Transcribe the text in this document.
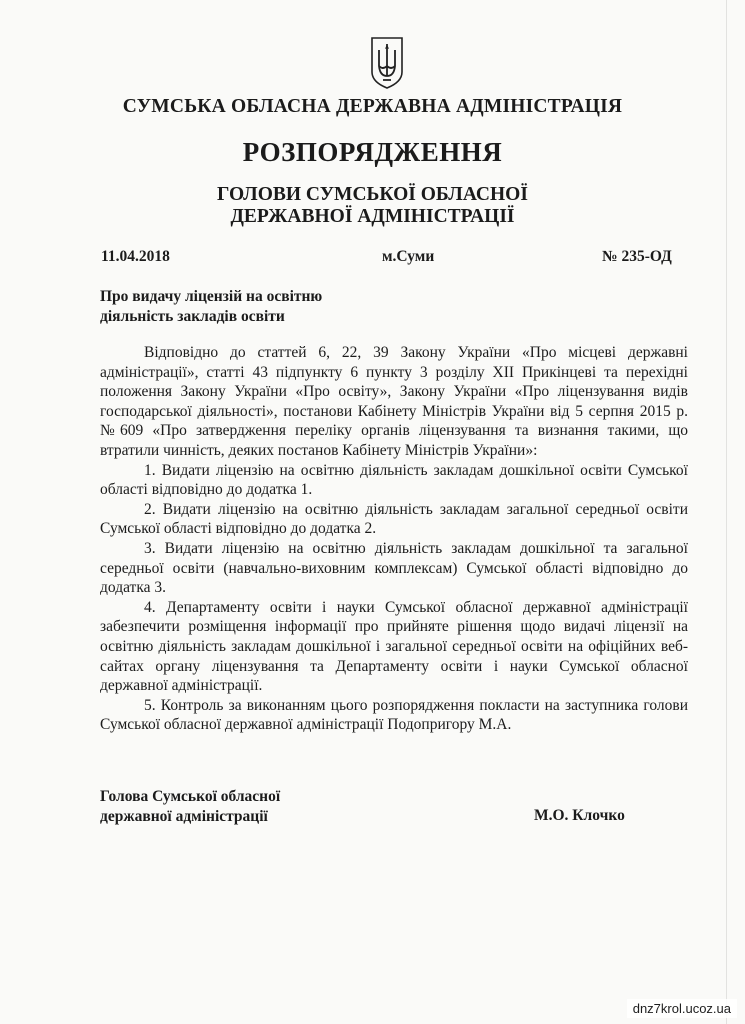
СУМСЬКА ОБЛАСНА ДЕРЖАВНА АДМІНІСТРАЦІЯ
РОЗПОРЯДЖЕННЯ
ГОЛОВИ СУМСЬКОЇ ОБЛАСНОЇ
ДЕРЖАВНОЇ АДМІНІСТРАЦІЇ
11.04.2018	м.Суми	№ 235-ОД
Про видачу ліцензій на освітню
діяльність закладів освіти

Відповідно до статтей 6, 22, 39 Закону України «Про місцеві державні адміністрації», статті 43 підпункту 6 пункту 3 розділу XII Прикінцеві та перехідні положення Закону України «Про освіту», Закону України «Про ліцензування видів господарської діяльності», постанови Кабінету Міністрів України від 5 серпня 2015 р. №609 «Про затвердження переліку органів ліцензування та визнання такими, що втратили чинність, деяких постанов Кабінету Міністрів України»:

1. Видати ліцензію на освітню діяльність закладам дошкільної освіти Сумської області відповідно до додатка 1.

2. Видати ліцензію на освітню діяльність закладам загальної середньої освіти Сумської області відповідно до додатка 2.

3. Видати ліцензію на освітню діяльність закладам дошкільної та загальної середньої освіти (навчально-виховним комплексам) Сумської області відповідно до додатка 3.

4. Департаменту освіти і науки Сумської обласної державної адміністрації забезпечити розміщення інформації про прийняте рішення щодо видачі ліцензії на освітню діяльність закладам дошкільної і загальної середньої освіти на офіційних веб-сайтах органу ліцензування та Департаменту освіти і науки Сумської обласної державної адміністрації.

5. Контроль за виконанням цього розпорядження покласти на заступника голови Сумської обласної державної адміністрації Подопригору М.А.

Голова Сумської обласної
державної адміністрації	М.О. Клочко
dnz7krol.ucoz.ua
